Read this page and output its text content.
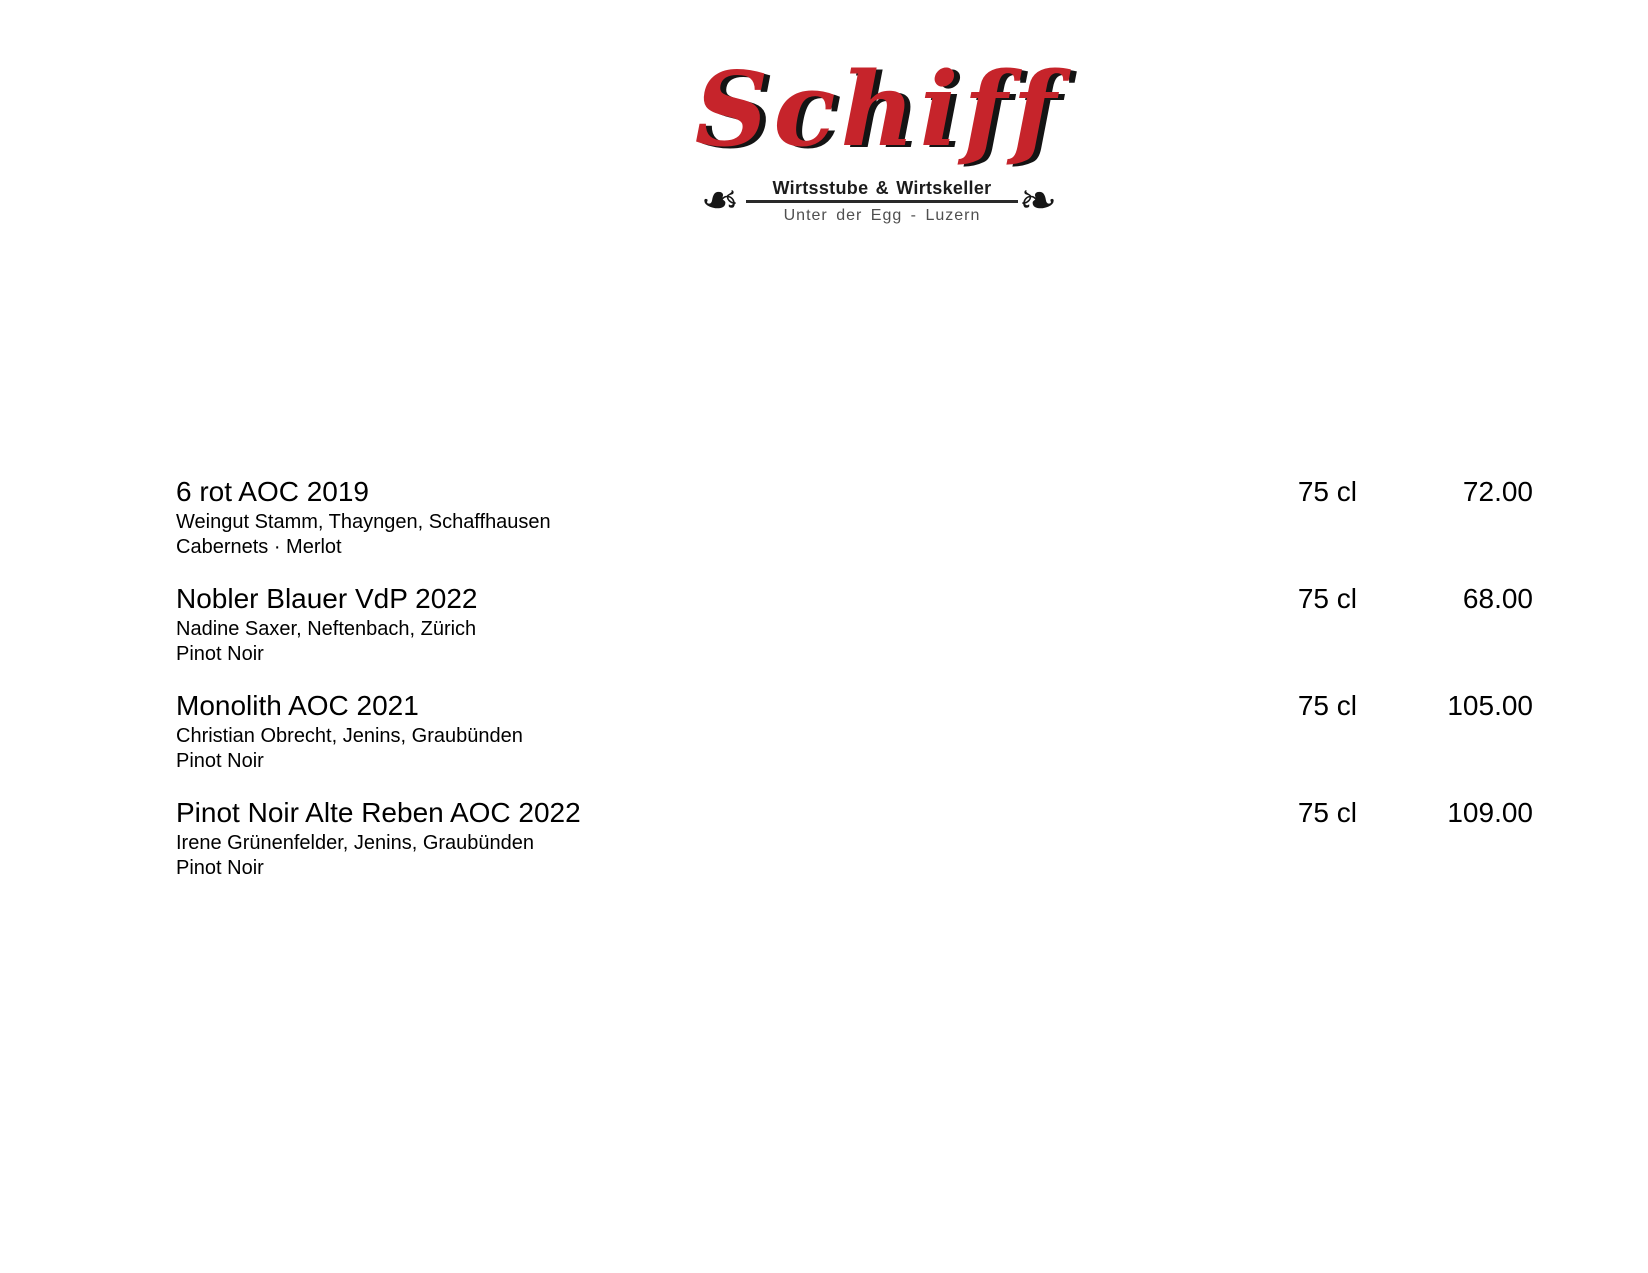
Schiff
❧	Wirtsstube & Wirtskeller
Unter der Egg - Luzern ❧
6 rot AOC 2019
Weingut Stamm, Thayngen, Schaffhausen
Cabernets · Merlot
75 cl	72.00
Nobler Blauer VdP 2022
Nadine Saxer, Neftenbach, Zürich
Pinot Noir
75 cl	68.00
Monolith AOC 2021
Christian Obrecht, Jenins, Graubünden
Pinot Noir
75 cl	105.00
Pinot Noir Alte Reben AOC 2022
Irene Grünenfelder, Jenins, Graubünden
Pinot Noir
75 cl	109.00
